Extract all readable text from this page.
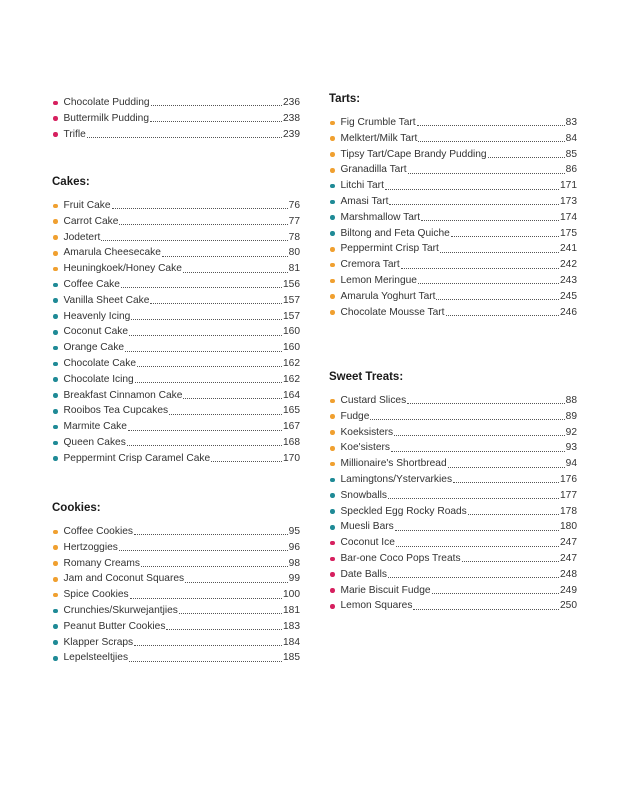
Chocolate Pudding	236
Buttermilk Pudding	238
Trifle	239
Cakes:
Fruit Cake	76
Carrot Cake	77
Jodetert	78
Amarula Cheesecake	80
Heuningkoek/Honey Cake	81
Coffee Cake	156
Vanilla Sheet Cake	157
Heavenly Icing	157
Coconut Cake	160
Orange Cake	160
Chocolate Cake	162
Chocolate Icing	162
Breakfast Cinnamon Cake	164
Rooibos Tea Cupcakes	165
Marmite Cake	167
Queen Cakes	168
Peppermint Crisp Caramel Cake	170
Cookies:
Coffee Cookies	95
Hertzoggies	96
Romany Creams	98
Jam and Coconut Squares	99
Spice Cookies	100
Crunchies/Skurwejantjies	181
Peanut Butter Cookies	183
Klapper Scraps	184
Lepelsteeltjies	185
Tarts:
Fig Crumble Tart	83
Melktert/Milk Tart	84
Tipsy Tart/Cape Brandy Pudding	85
Granadilla Tart	86
Litchi Tart	171
Amasi Tart	173
Marshmallow Tart	174
Biltong and Feta Quiche	175
Peppermint Crisp Tart	241
Cremora Tart	242
Lemon Meringue	243
Amarula Yoghurt Tart	245
Chocolate Mousse Tart	246
Sweet Treats:
Custard Slices	88
Fudge	89
Koeksisters	92
Koe'sisters	93
Millionaire's Shortbread	94
Lamingtons/Ystervarkies	176
Snowballs	177
Speckled Egg Rocky Roads	178
Muesli Bars	180
Coconut Ice	247
Bar-one Coco Pops Treats	247
Date Balls	248
Marie Biscuit Fudge	249
Lemon Squares	250
